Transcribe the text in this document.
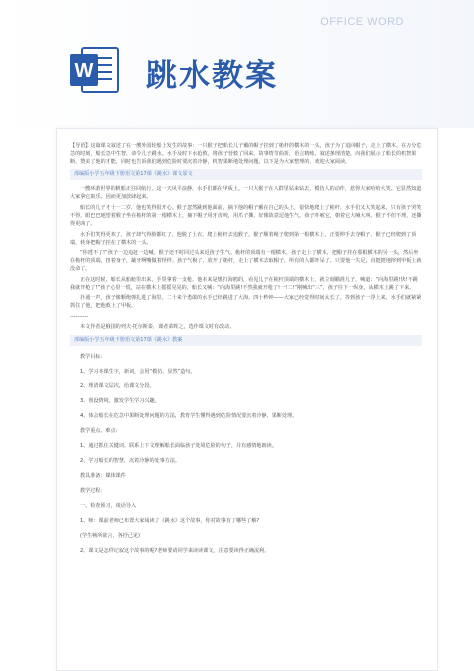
OFFICE WORD
W 跳水教案

【导语】这篇课文叙述了在一艘外国轮船上发生的故事：一只猴子把船长儿子戴的帽子挂到了桅杆的横木的一头，孩子为了追回帽子，走上了横木。在万分危急的时刻，船长急中生智，命令儿子跳水。水手及时下水抢救，将孩子营救了回来。故事情节曲折，语言精练，叙述条理清楚，向我们展示了船长的机智果断，赞美了他的才能，同时也告诉我们遇到危险时要沉着冷静，机智果断地处理问题。以下是为大家整理的，欢迎大家阅读。

部编版小学五年级下册语文第17课《跳水》课文原文

一艘环游世界的帆船正往回航行，这一天风平浪静，水手们都在甲板上。一只大猴子在人群里钻来钻去，模仿人的动作，惹得大家哈哈大笑。它显然知道大家拿它取乐，因而更加放肆起来。

船长的儿子才十一二岁，他也笑得很开心。猴子忽然跳到他面前，摘下他的帽子戴在自己的头上，很快地爬上了桅杆。水手们又大笑起来，只有孩子哭笑不得，眼巴巴地望着猴子坐在桅杆的第一根横木上，摘下帽子用牙齿咬，用爪子撕，好像故意逗他生气。孩子吓唬它，朝着它大喊大叫。猴子不但不理，还撕得更凶了。

水手们笑得更欢了，孩子却气得脸都红了。他脱了上衣，爬上桅杆去追猴子。猴子顺着绳子爬到第一根横木上，正要伸手去夺帽子，猴子已经爬到了顶端，转身把帽子挂在了横木的一头。

“你逃不了!”孩子一边追赶一边喊。猴子还不时回过头来逗孩子生气。桅杆的顶端有一根横木，孩子走上了横木，把帽子挂在那根横木的另一头，然后坐在桅杆的顶端，扭着身子，龇牙咧嘴做着怪样。孩子气极了，放开了桅杆，走上了横木去取帽子。所有的人都吓呆了。只要他一失足，直挺挺地摔到甲板上就没命了。

正在这时候，船长从船舱里出来，手里拿着一支枪。他本来是想打海鸥的，看见儿子在桅杆顶端的横木上，就立刻瞄准儿子，喊道：“向海里跳!快!不跳我就开枪了!”孩子心里一慌，站在横木上摇摇晃晃的。船长又喊：“向海里跳!不然我就开枪了!一!二!”刚喊出“三”，孩子往下一纵身，从横木上跳了下来。

扑通一声，孩子像颗炮弹扎进了海里。二十来个勇敢的水手已经跳进了大海。四十秒钟——大家已经觉得时间太长了。等到孩子一浮上来，水手们就紧紧抓住了他，把他救上了甲板。

----------

本文作者是俄国的列夫·托尔斯泰，课者菜辉之，选作课文时有改动。

部编版小学五年级下册语文第17课《跳水》教案

教学目标:

1、学习本课生字，新词，会用“模仿、显然”造句。

2、理清课文层次，给课文分段。

3、创设情境，激发学生学习兴趣。

4、体会船长在危急中果断处理问题的方法，教育学生懂得遇到危险情况要沉着冷静、果断处理。

教学重点、难点:

1、通过抓住关键词、联系上下文理解船长面临孩子处境危险的句子，并有感情地朗读。

2、学习船长的智慧，沉着冷静的处事方法。

教具准备：媒体课件

教学过程:

一、检查预习，谈话导入

1、师：课前老师已布置大家阅读了《跳水》这个故事，你对故事有了哪些了解?

(学生畅所欲言，各抒己见)

2、课文是怎样记叙这个故事的呢?老师要请同学来读读课文，注意要读得正确流利。
